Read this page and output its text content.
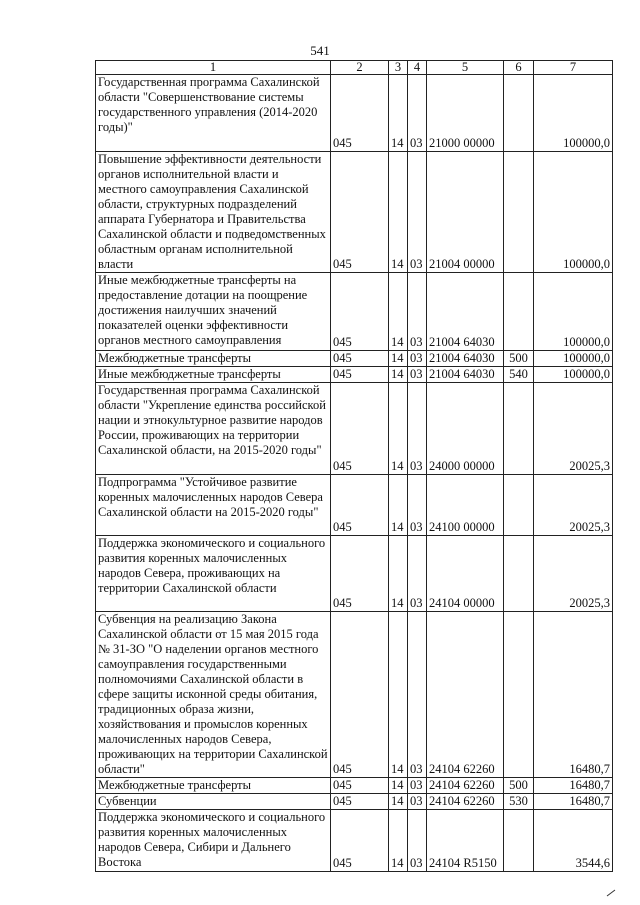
541
1	2	3	4	5	6	7
Государственная программа Сахалинской области "Совершенствование системы государственного управления (2014-2020 годы)"	045	14	03	21000 00000		100000,0
Повышение эффективности деятельности органов исполнительной власти и местного самоуправления Сахалинской области, структурных подразделений аппарата Губернатора и Правительства Сахалинской области и подведомственных областным органам исполнительной власти	045	14	03	21004 00000		100000,0
Иные межбюджетные трансферты на предоставление дотации на поощрение достижения наилучших значений показателей оценки эффективности органов местного самоуправления	045	14	03	21004 64030		100000,0
Межбюджетные трансферты	045	14	03	21004 64030	500	100000,0
Иные межбюджетные трансферты	045	14	03	21004 64030	540	100000,0
Государственная программа Сахалинской области "Укрепление единства российской нации и этнокультурное развитие народов России, проживающих на территории Сахалинской области, на 2015-2020 годы"	045	14	03	24000 00000		20025,3
Подпрограмма "Устойчивое развитие коренных малочисленных народов Севера Сахалинской области на 2015-2020 годы"	045	14	03	24100 00000		20025,3
Поддержка экономического и социального развития коренных малочисленных народов Севера, проживающих на территории Сахалинской области	045	14	03	24104 00000		20025,3
Субвенция на реализацию Закона Сахалинской области от 15 мая 2015 года № 31-ЗО "О наделении органов местного самоуправления государственными полномочиями Сахалинской области в сфере защиты исконной среды обитания, традиционных образа жизни, хозяйствования и промыслов коренных малочисленных народов Севера, проживающих на территории Сахалинской области"	045	14	03	24104 62260		16480,7
Межбюджетные трансферты	045	14	03	24104 62260	500	16480,7
Субвенции	045	14	03	24104 62260	530	16480,7
Поддержка экономического и социального развития коренных малочисленных народов Севера, Сибири и Дальнего Востока	045	14	03	24104 R5150		3544,6
